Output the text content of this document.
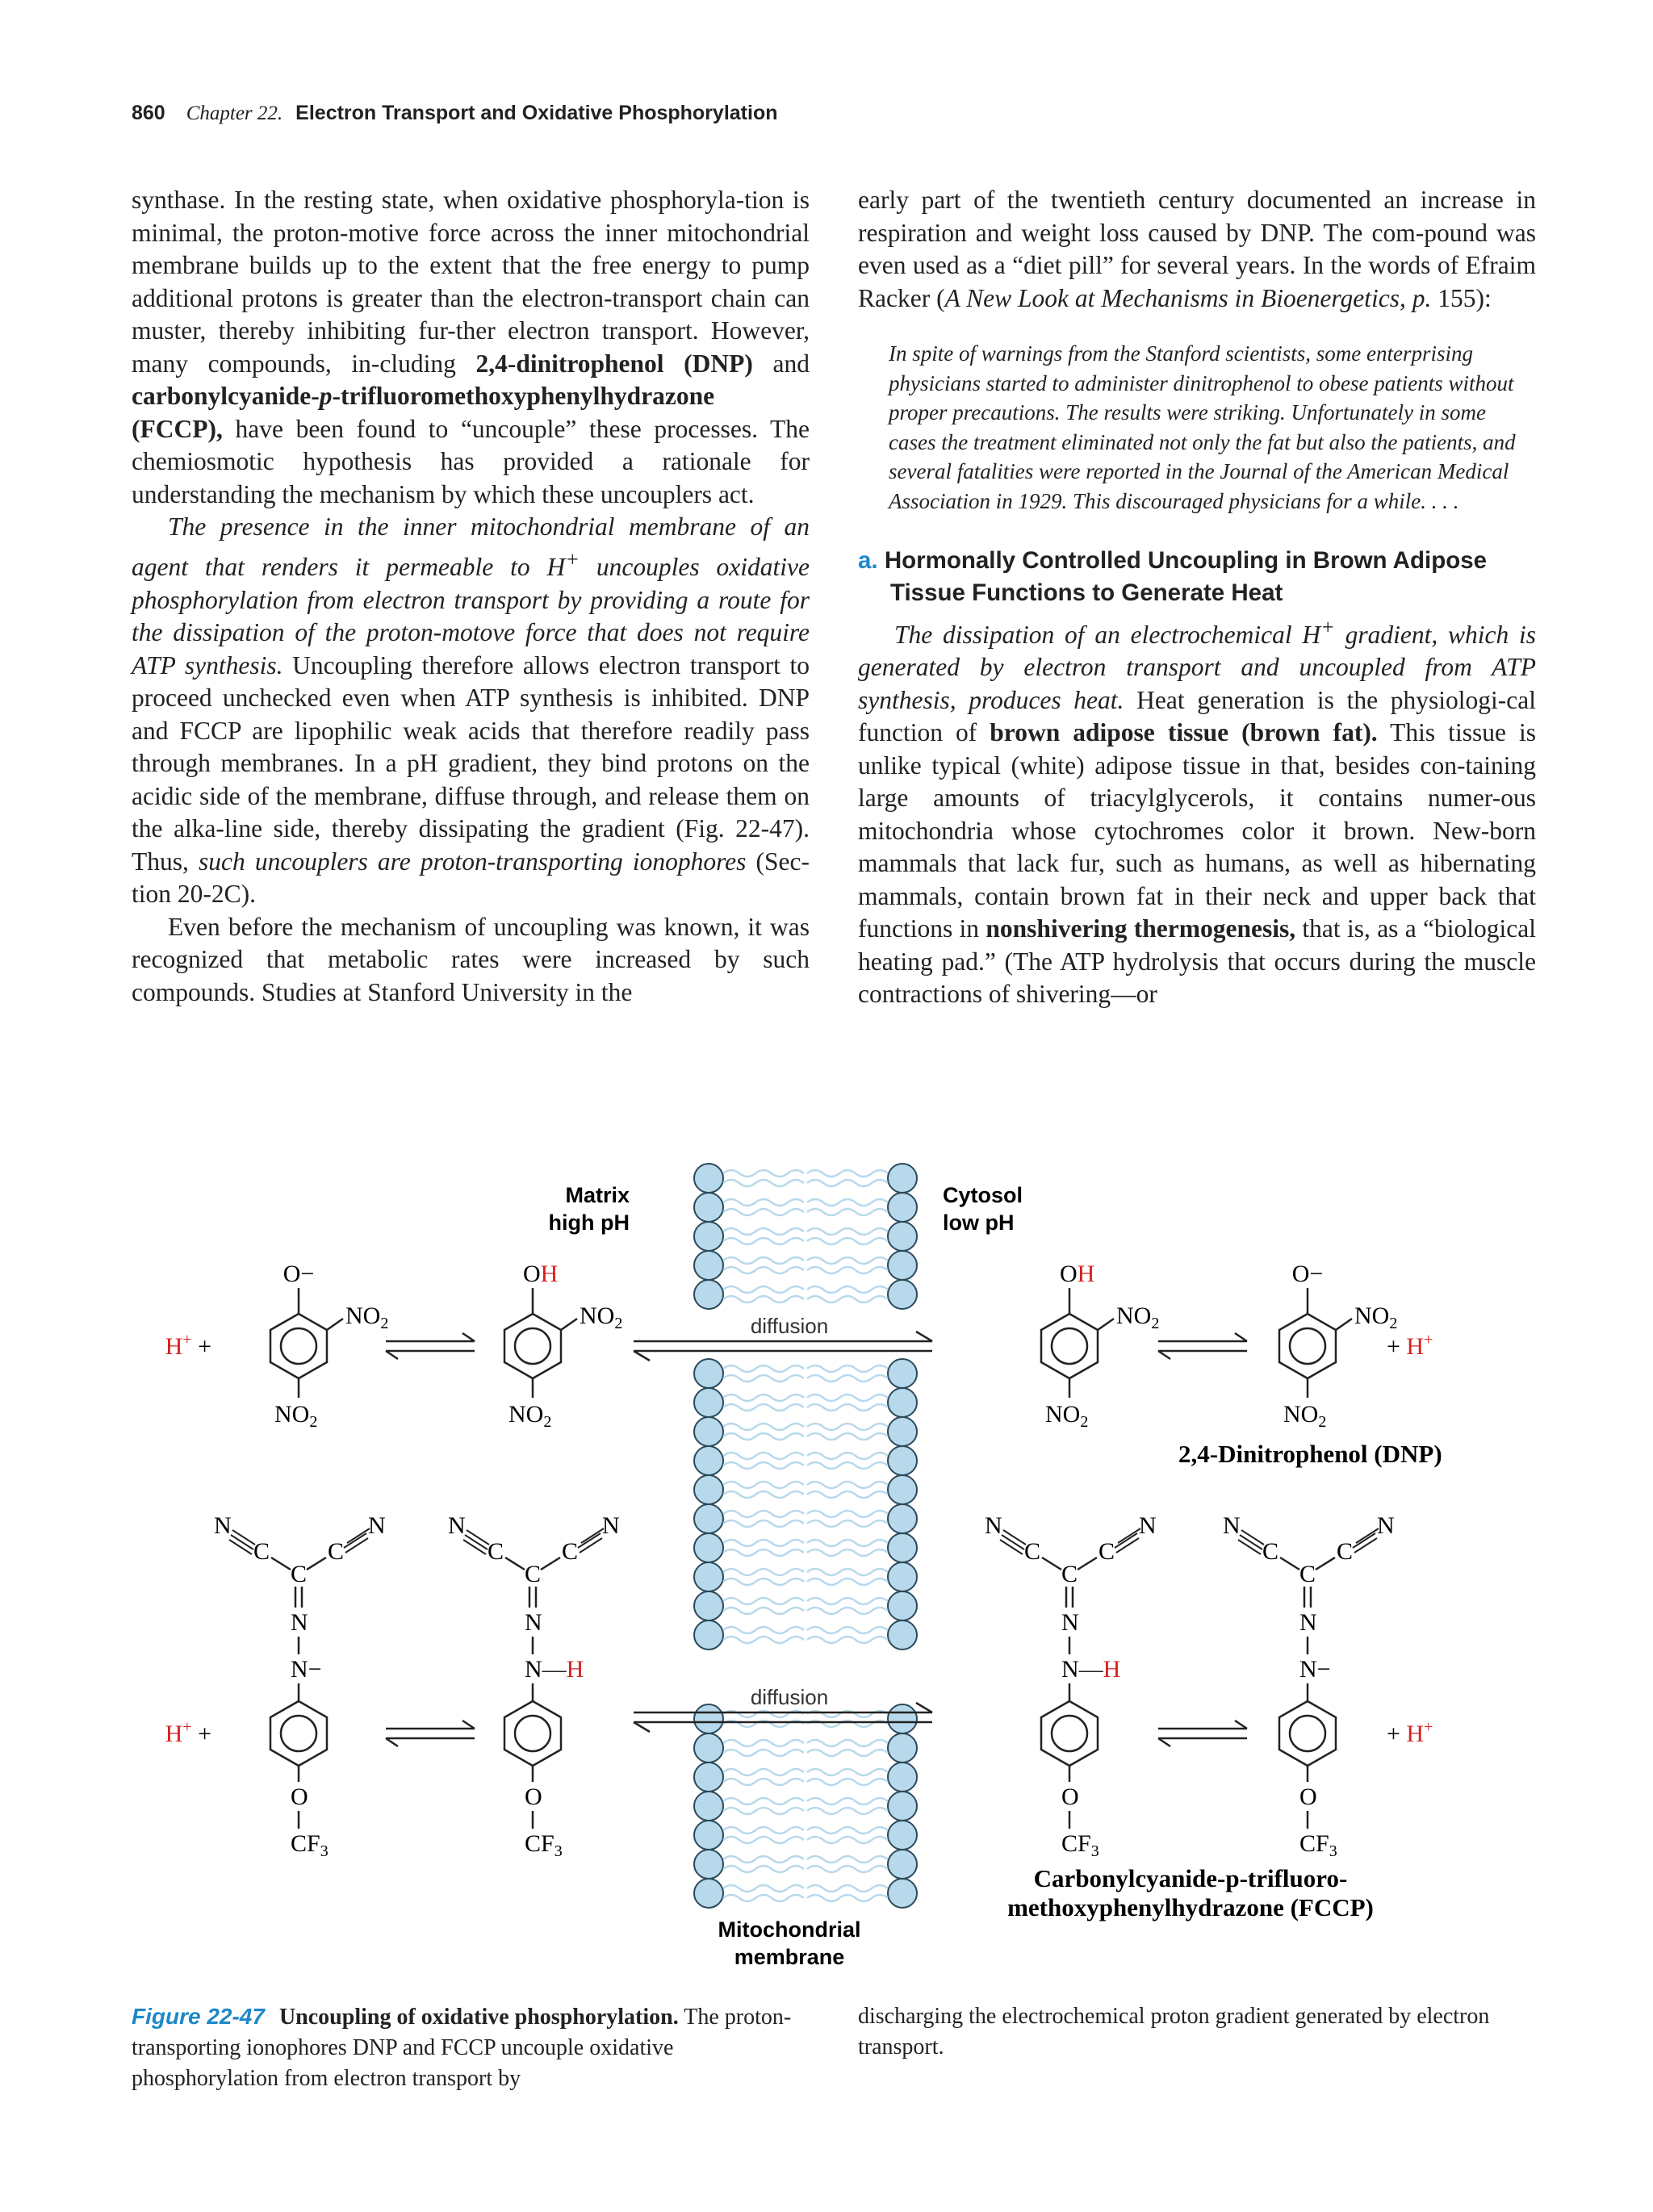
860 Chapter 22. Electron Transport and Oxidative Phosphorylation

synthase. In the resting state, when oxidative phosphoryla-tion is minimal, the proton-motive force across the inner mitochondrial membrane builds up to the extent that the free energy to pump additional protons is greater than the electron-transport chain can muster, thereby inhibiting fur-ther electron transport. However, many compounds, in-cluding 2,4-dinitrophenol (DNP) and carbonylcyanide-p-trifluoromethoxyphenylhydrazone (FCCP), have been found to “uncouple” these processes. The chemiosmotic hypothesis has provided a rationale for understanding the mechanism by which these uncouplers act.

The presence in the inner mitochondrial membrane of an agent that renders it permeable to H+ uncouples oxidative phosphorylation from electron transport by providing a route for the dissipation of the proton-motove force that does not require ATP synthesis. Uncoupling therefore allows electron transport to proceed unchecked even when ATP synthesis is inhibited. DNP and FCCP are lipophilic weak acids that therefore readily pass through membranes. In a pH gradient, they bind protons on the acidic side of the membrane, diffuse through, and release them on the alka-line side, thereby dissipating the gradient (Fig. 22-47). Thus, such uncouplers are proton-transporting ionophores (Sec-tion 20-2C).

Even before the mechanism of uncoupling was known, it was recognized that metabolic rates were increased by such compounds. Studies at Stanford University in the

early part of the twentieth century documented an increase in respiration and weight loss caused by DNP. The com-pound was even used as a “diet pill” for several years. In the words of Efraim Racker (A New Look at Mechanisms in Bioenergetics, p. 155):

In spite of warnings from the Stanford scientists, some enterprising physicians started to administer dinitrophenol to obese patients without proper precautions. The results were striking. Unfortunately in some cases the treatment eliminated not only the fat but also the patients, and several fatalities were reported in the Journal of the American Medical Association in 1929. This discouraged physicians for a while. . . .

a. Hormonally Controlled Uncoupling in Brown Adipose Tissue Functions to Generate Heat

The dissipation of an electrochemical H+ gradient, which is generated by electron transport and uncoupled from ATP synthesis, produces heat. Heat generation is the physiologi-cal function of brown adipose tissue (brown fat). This tissue is unlike typical (white) adipose tissue in that, besides con-taining large amounts of triacylglycerols, it contains numer-ous mitochondria whose cytochromes color it brown. New-born mammals that lack fur, such as humans, as well as hibernating mammals, contain brown fat in their neck and upper back that functions in nonshivering thermogenesis, that is, as a “biological heating pad.” (The ATP hydrolysis that occurs during the muscle contractions of shivering—or

Matrix
high pH
Cytosol
low pH
Mitochondrial
membrane
diffusion
diffusion
O−
$NO_2$
$NO_2$
H+ +
OH
$NO_2$
$NO_2$
OH
$NO_2$
$NO_2$
O−
$NO_2$
$NO_2$
+ H+
2,4-Dinitrophenol (DNP)
N
C
C
C
N
N
N−
O
$CF_3$
H+ +
N
C
C
C
N
N
N—H
O
$CF_3$
N
C
C
C
N
N
N—H
O
$CF_3$
N
C
C
C
N
N
N−
O
$CF_3$
+ H+
Carbonylcyanide-p-trifluoro-
methoxyphenylhydrazone (FCCP)
Figure 22-47 Uncoupling of oxidative phosphorylation. The proton-transporting ionophores DNP and FCCP uncouple oxidative phosphorylation from electron transport by
discharging the electrochemical proton gradient generated by electron transport.
